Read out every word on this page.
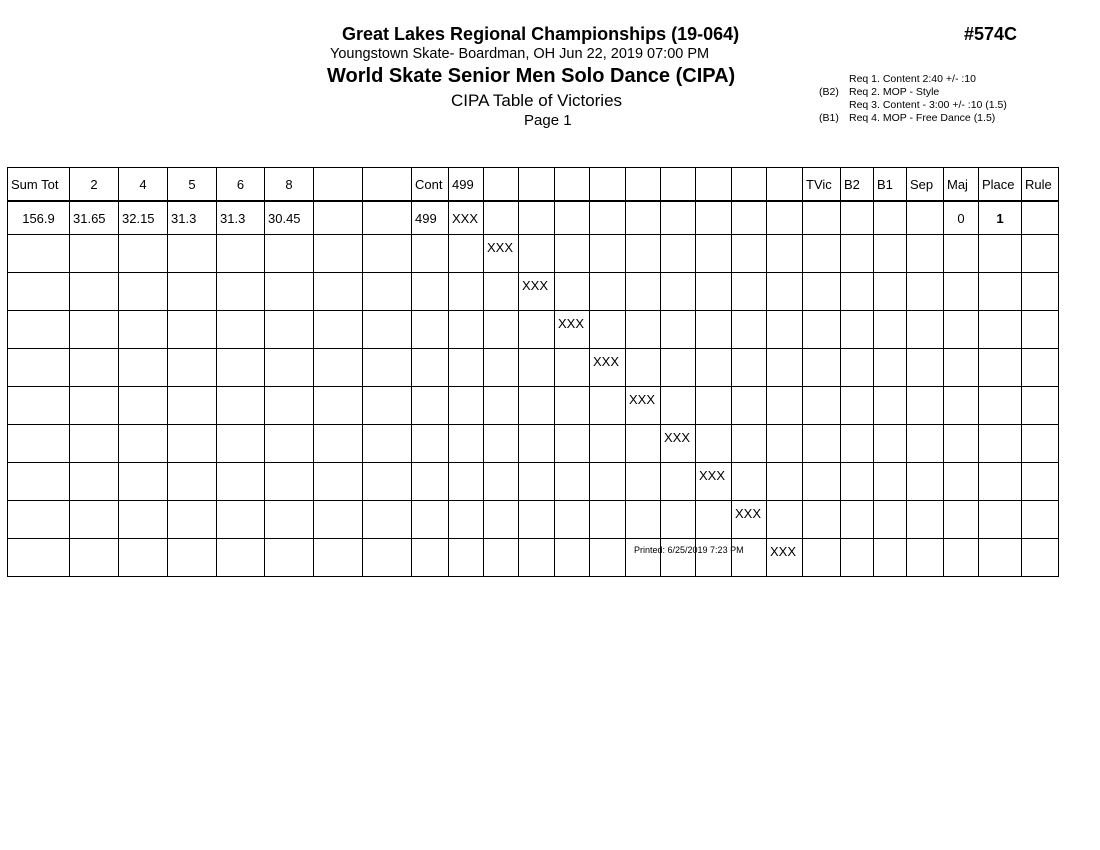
Great Lakes Regional Championships (19-064)	#574C
Youngstown Skate- Boardman, OH Jun 22, 2019 07:00 PM
World Skate Senior Men Solo Dance (CIPA)
CIPA Table of Victories
Page 1
Req 1. Content 2:40 +/- :10
(B2) Req 2. MOP - Style
Req 3. Content - 3:00 +/- :10 (1.5)
(B1) Req 4. MOP - Free Dance (1.5)
Sum Tot	2	4	5	6	8			Cont	499										TVic	B2	B1	Sep	Maj	Place	Rule
156.9	31.65	32.15	31.3	31.3	30.45			499	XXX														0	1	
										XXX															
											XXX														
												XXX													
													XXX												
														XXX											
															XXX										
																XXX									
																	XXX								
																		XXX							
Printed: 6/25/2019 7:23 PM
